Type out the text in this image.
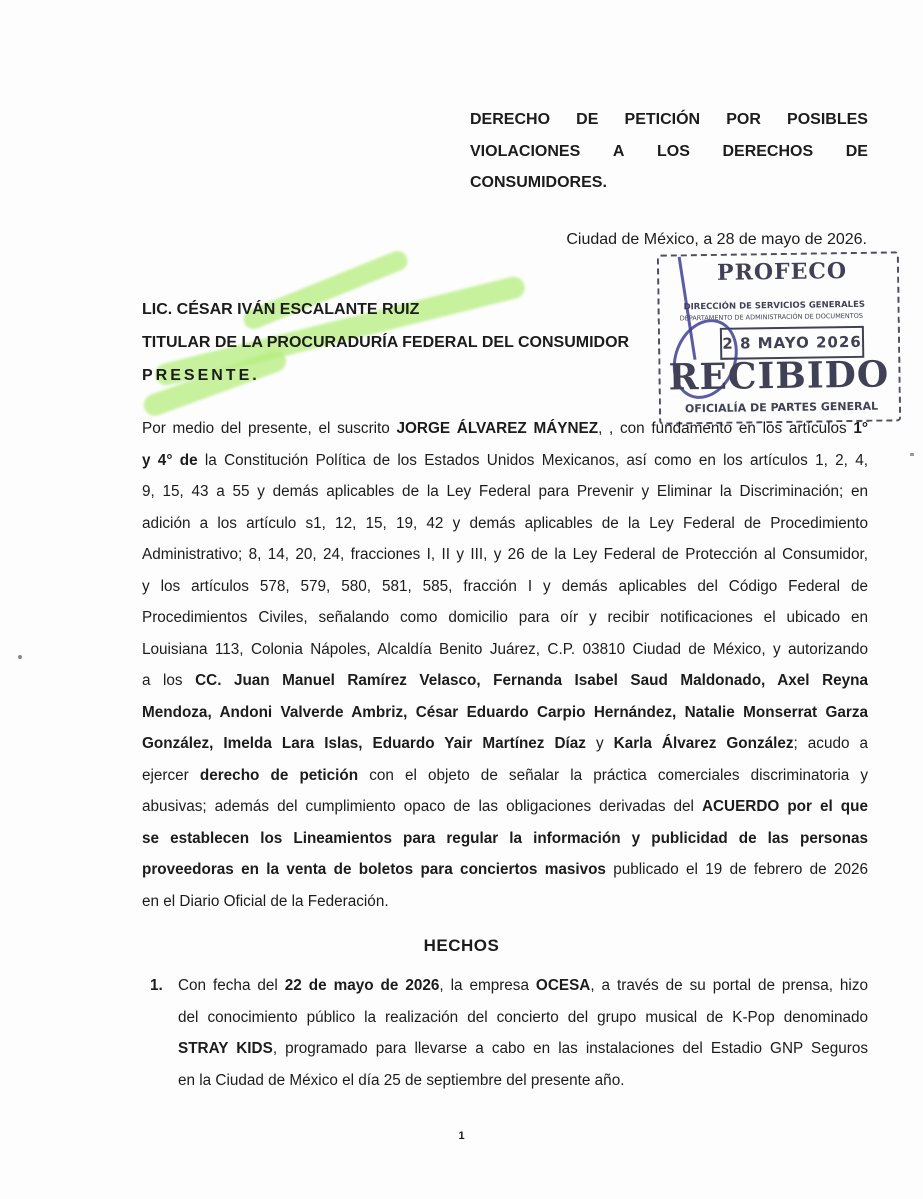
DERECHO DE PETICIÓN POR POSIBLES
VIOLACIONES A LOS DERECHOS DE
CONSUMIDORES.
Ciudad de México, a 28 de mayo de 2026.
LIC. CÉSAR IVÁN ESCALANTE RUIZ
TITULAR DE LA PROCURADURÍA FEDERAL DEL CONSUMIDOR
PRESENTE.
PROFECO
DIRECCIÓN DE SERVICIOS GENERALES
DEPARTAMENTO DE ADMINISTRACIÓN DE DOCUMENTOS
2 8 MAYO 2026
RECIBIDO
OFICIALÍA DE PARTES GENERAL
Por medio del presente, el suscrito JORGE ÁLVAREZ MÁYNEZ, , con fundamento en los artículos 1°
y 4° de la Constitución Política de los Estados Unidos Mexicanos, así como en los artículos 1, 2, 4,
9, 15, 43 a 55 y demás aplicables de la Ley Federal para Prevenir y Eliminar la Discriminación; en
adición a los artículo s1, 12, 15, 19, 42 y demás aplicables de la Ley Federal de Procedimiento
Administrativo; 8, 14, 20, 24, fracciones I, II y III, y 26 de la Ley Federal de Protección al Consumidor,
y los artículos 578, 579, 580, 581, 585, fracción I y demás aplicables del Código Federal de
Procedimientos Civiles, señalando como domicilio para oír y recibir notificaciones el ubicado en
Louisiana 113, Colonia Nápoles, Alcaldía Benito Juárez, C.P. 03810 Ciudad de México, y autorizando
a los CC. Juan Manuel Ramírez Velasco, Fernanda Isabel Saud Maldonado, Axel Reyna
Mendoza, Andoni Valverde Ambriz, César Eduardo Carpio Hernández, Natalie Monserrat Garza
González, Imelda Lara Islas, Eduardo Yair Martínez Díaz y Karla Álvarez González; acudo a
ejercer derecho de petición con el objeto de señalar la práctica comerciales discriminatoria y
abusivas; además del cumplimiento opaco de las obligaciones derivadas del ACUERDO por el que
se establecen los Lineamientos para regular la información y publicidad de las personas
proveedoras en la venta de boletos para conciertos masivos publicado el 19 de febrero de 2026
en el Diario Oficial de la Federación.
HECHOS
1. Con fecha del 22 de mayo de 2026, la empresa OCESA, a través de su portal de prensa, hizo
del conocimiento público la realización del concierto del grupo musical de K-Pop denominado
STRAY KIDS, programado para llevarse a cabo en las instalaciones del Estadio GNP Seguros
en la Ciudad de México el día 25 de septiembre del presente año.
1
